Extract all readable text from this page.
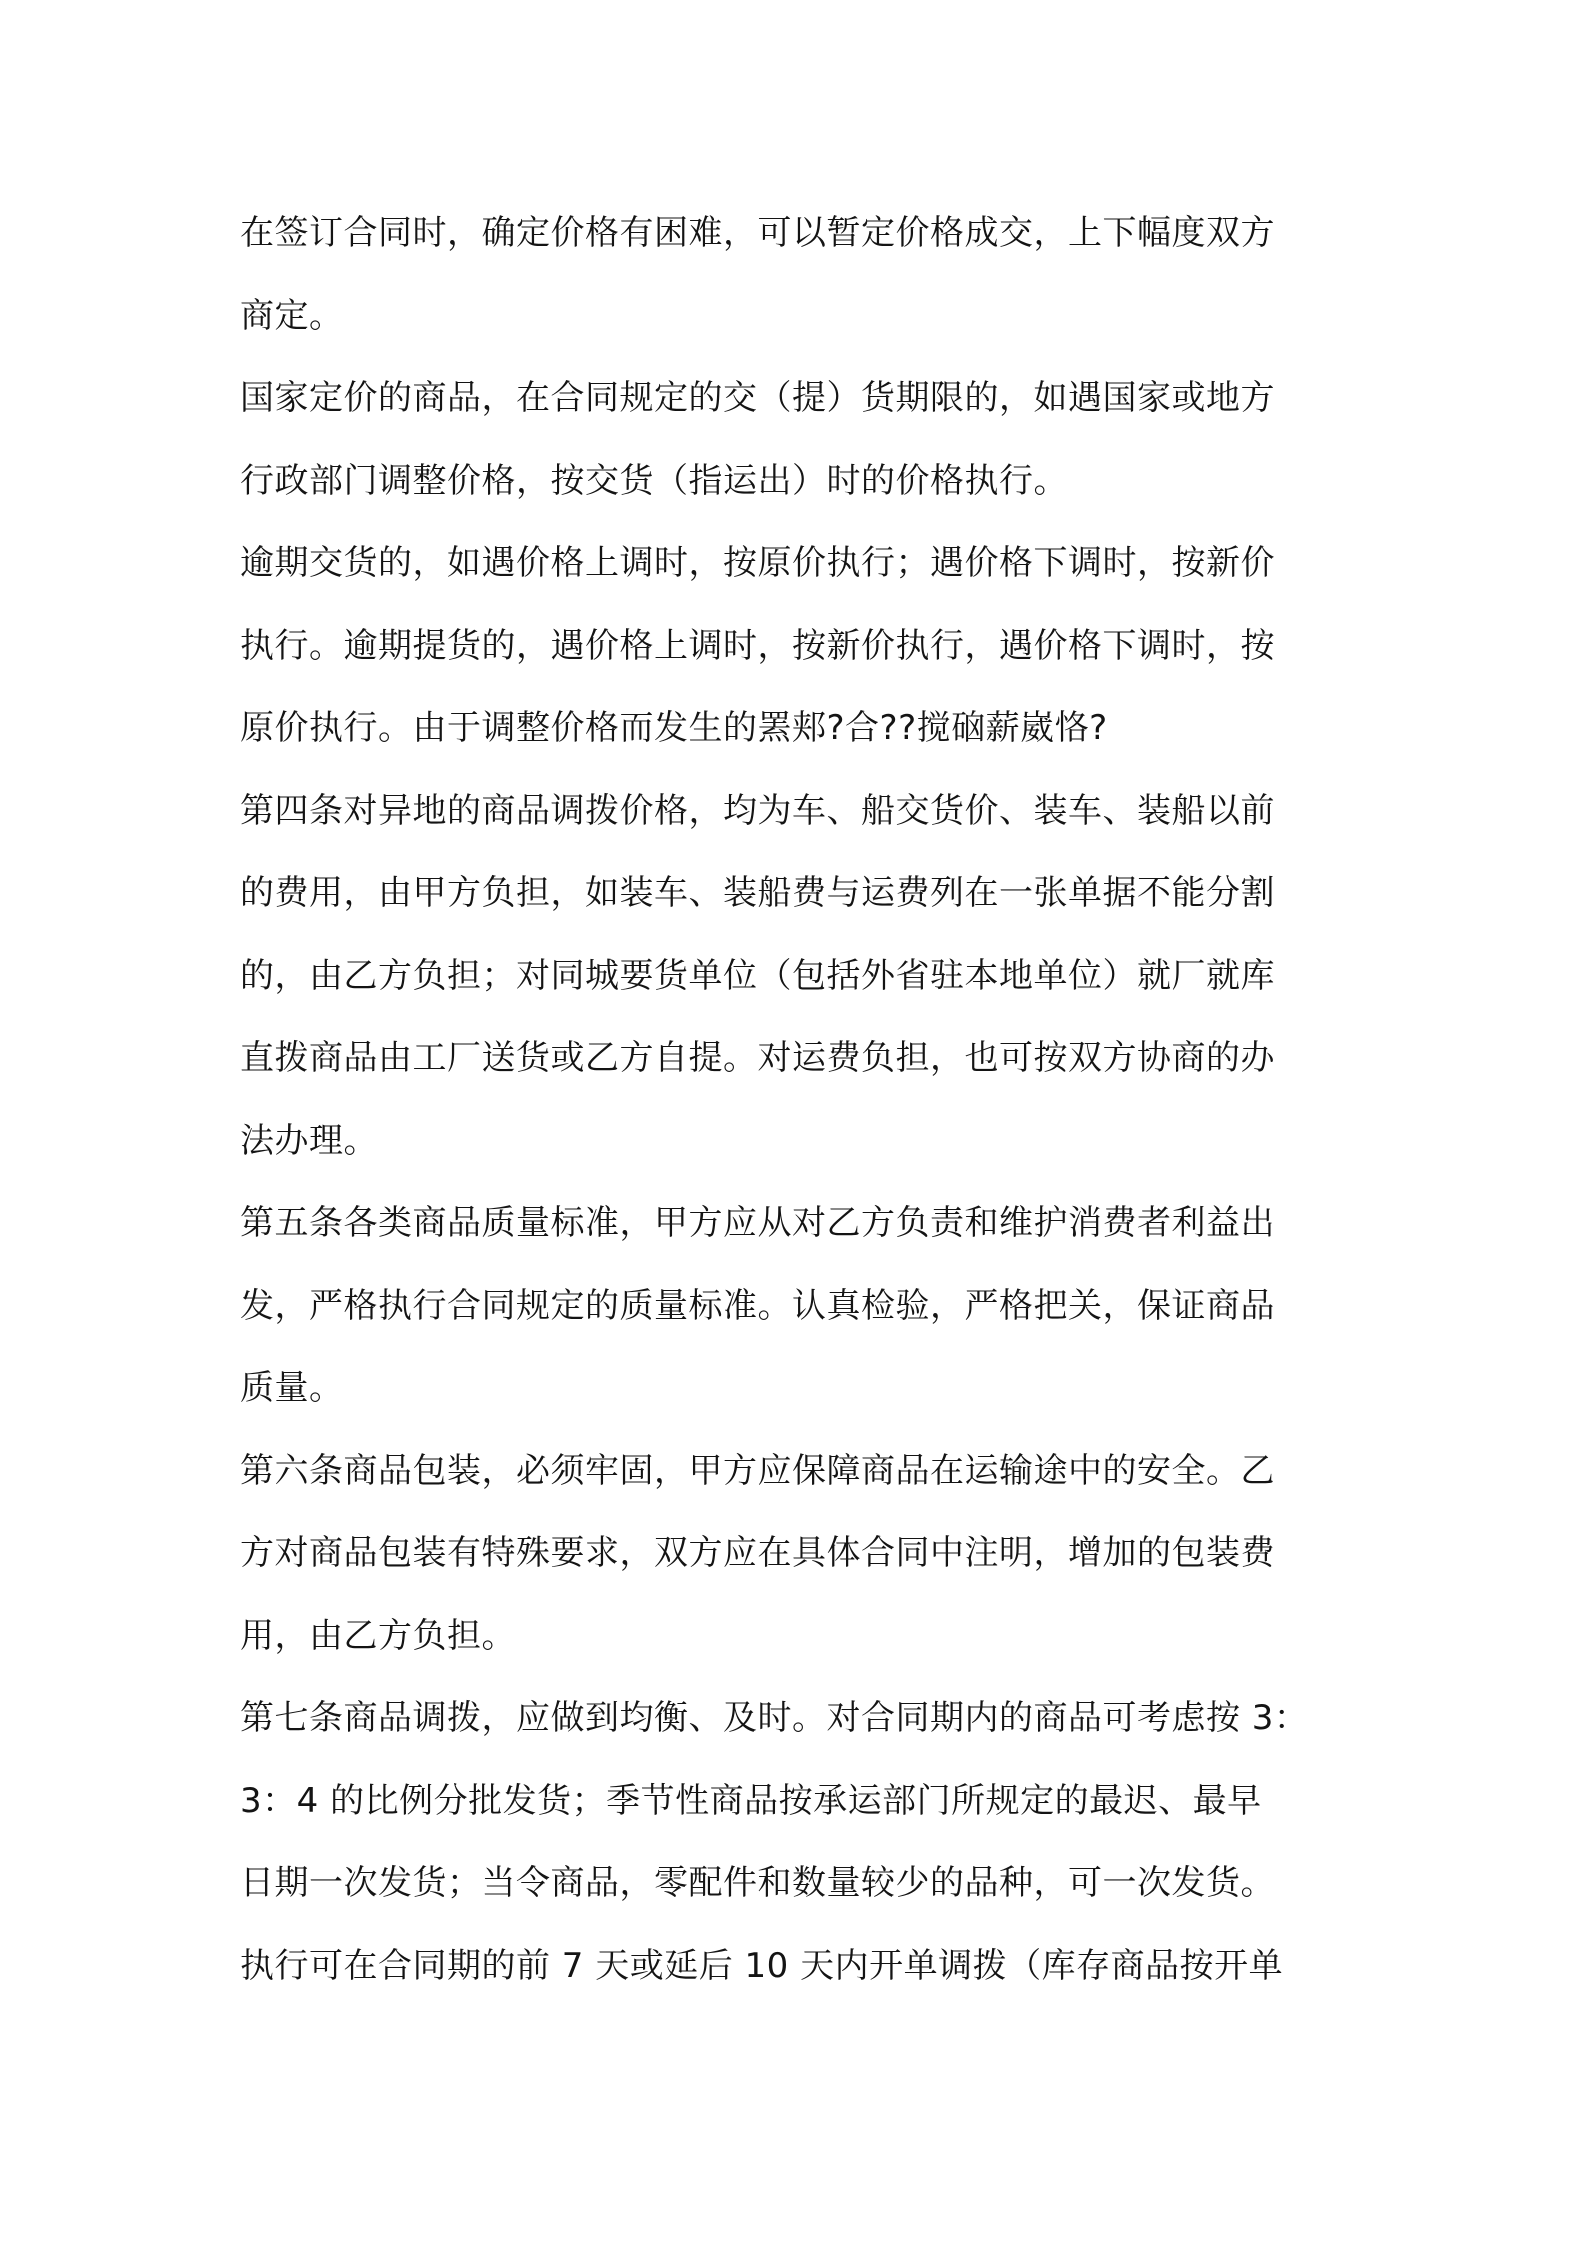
在签订合同时，确定价格有困难，可以暂定价格成交，上下幅度双方
商定。
国家定价的商品，在合同规定的交（提）货期限的，如遇国家或地方
行政部门调整价格，按交货（指运出）时的价格执行。
逾期交货的，如遇价格上调时，按原价执行；遇价格下调时，按新价
执行。逾期提货的，遇价格上调时，按新价执行，遇价格下调时，按
原价执行。由于调整价格而发生的罴郏?合??搅硇薪崴恪?
第四条对异地的商品调拨价格，均为车、船交货价、装车、装船以前
的费用，由甲方负担，如装车、装船费与运费列在一张单据不能分割
的，由乙方负担；对同城要货单位（包括外省驻本地单位）就厂就库
直拨商品由工厂送货或乙方自提。对运费负担，也可按双方协商的办
法办理。
第五条各类商品质量标准，甲方应从对乙方负责和维护消费者利益出
发，严格执行合同规定的质量标准。认真检验，严格把关，保证商品
质量。
第六条商品包装，必须牢固，甲方应保障商品在运输途中的安全。乙
方对商品包装有特殊要求，双方应在具体合同中注明，增加的包装费
用，由乙方负担。
第七条商品调拨，应做到均衡、及时。对合同期内的商品可考虑按 3：
3：4 的比例分批发货；季节性商品按承运部门所规定的最迟、最早
日期一次发货；当令商品，零配件和数量较少的品种，可一次发货。
执行可在合同期的前 7 天或延后 10 天内开单调拨（库存商品按开单
